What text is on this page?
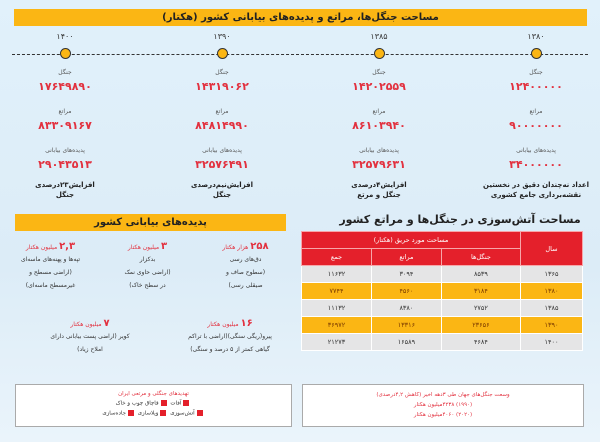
مساحت جنگل‌ها، مراتع و پدیده‌های بیابانی کشور (هکتار)
۱۴۰۰
جنگل
۱۷۶۴۹۸۹۰
مراتع
۸۳۳۰۹۱۶۷
پدیده‌های بیابانی
۲۹۰۴۳۵۱۳
افزایش۲۳درصدی
جنگل
۱۳۹۰
جنگل
۱۴۳۱۹۰۶۲
مراتع
۸۴۸۱۴۹۹۰
پدیده‌های بیابانی
۳۲۵۷۶۴۹۱
افزایش‌نیم‌درصدی
جنگل
۱۳۸۵
جنگل
۱۴۲۰۲۵۵۹
مراتع
۸۶۱۰۳۹۴۰
پدیده‌های بیابانی
۳۲۵۷۹۶۳۱
افزایش۴درصدی
جنگل و مرتع
۱۳۸۰
جنگل
۱۲۴۰۰۰۰۰
مراتع
۹۰۰۰۰۰۰۰
پدیده‌های بیابانی
۳۴۰۰۰۰۰۰
اعداد نه‌چندان دقیق در نخستین
نقشه‌برداری جامع کشوری
پدیده‌های بیابانی کشور
۲۵۸ هزار هکتار
دق‌های رسی
(سطوح صاف و
صیقلی رسی)
۳ میلیون هکتار
بدکزار
(اراضی حاوی نمک
در سطح خاک)
۲,۳ میلیون هکتار
تپه‌ها و پهنه‌های ماسه‌ای
(اراضی مسطح و
غیرمسطح ماسه‌ای)
۱۶ میلیون هکتار
پیرو(ریگی سنگی)(اراضی با تراکم
گیاهی کمتر از ۵ درصد و سنگی)
۷ میلیون هکتار
کویر (اراضی پست بیابانی دارای
املاح زیاد)
مساحت آتش‌سوزی در جنگل‌ها و مراتع کشور
سال	مساحت مورد حریق (هکتار)		
	جنگل‌ها	مراتع	جمع
۱۳۶۵	۸۵۳۹	۳۰۹۴	۱۱۶۳۲
۱۳۸۰	۳۱۸۴	۴۵۶۰	۷۷۴۴
۱۳۸۵	۲۷۵۲	۸۳۸۰	۱۱۱۳۲
۱۳۹۰	۲۳۶۵۶	۱۳۳۱۶	۳۶۹۷۲
۱۴۰۰	۴۶۸۴	۱۶۵۸۹	۲۱۲۷۳
تهدیدهای جنگلی و مرتعی ایران
آفات قاچاق چوب و خاک
آتش‌سوزی ویلاسازی جاده‌سازی
وسعت جنگل‌های جهان طی ۳دهه اخیر (کاهش ۴,۲درصدی)
(۱۹۹۰) ۴۲۳۸میلیون هکتار
(۲۰۲۰) ۴۰۶۰میلیون هکتار
